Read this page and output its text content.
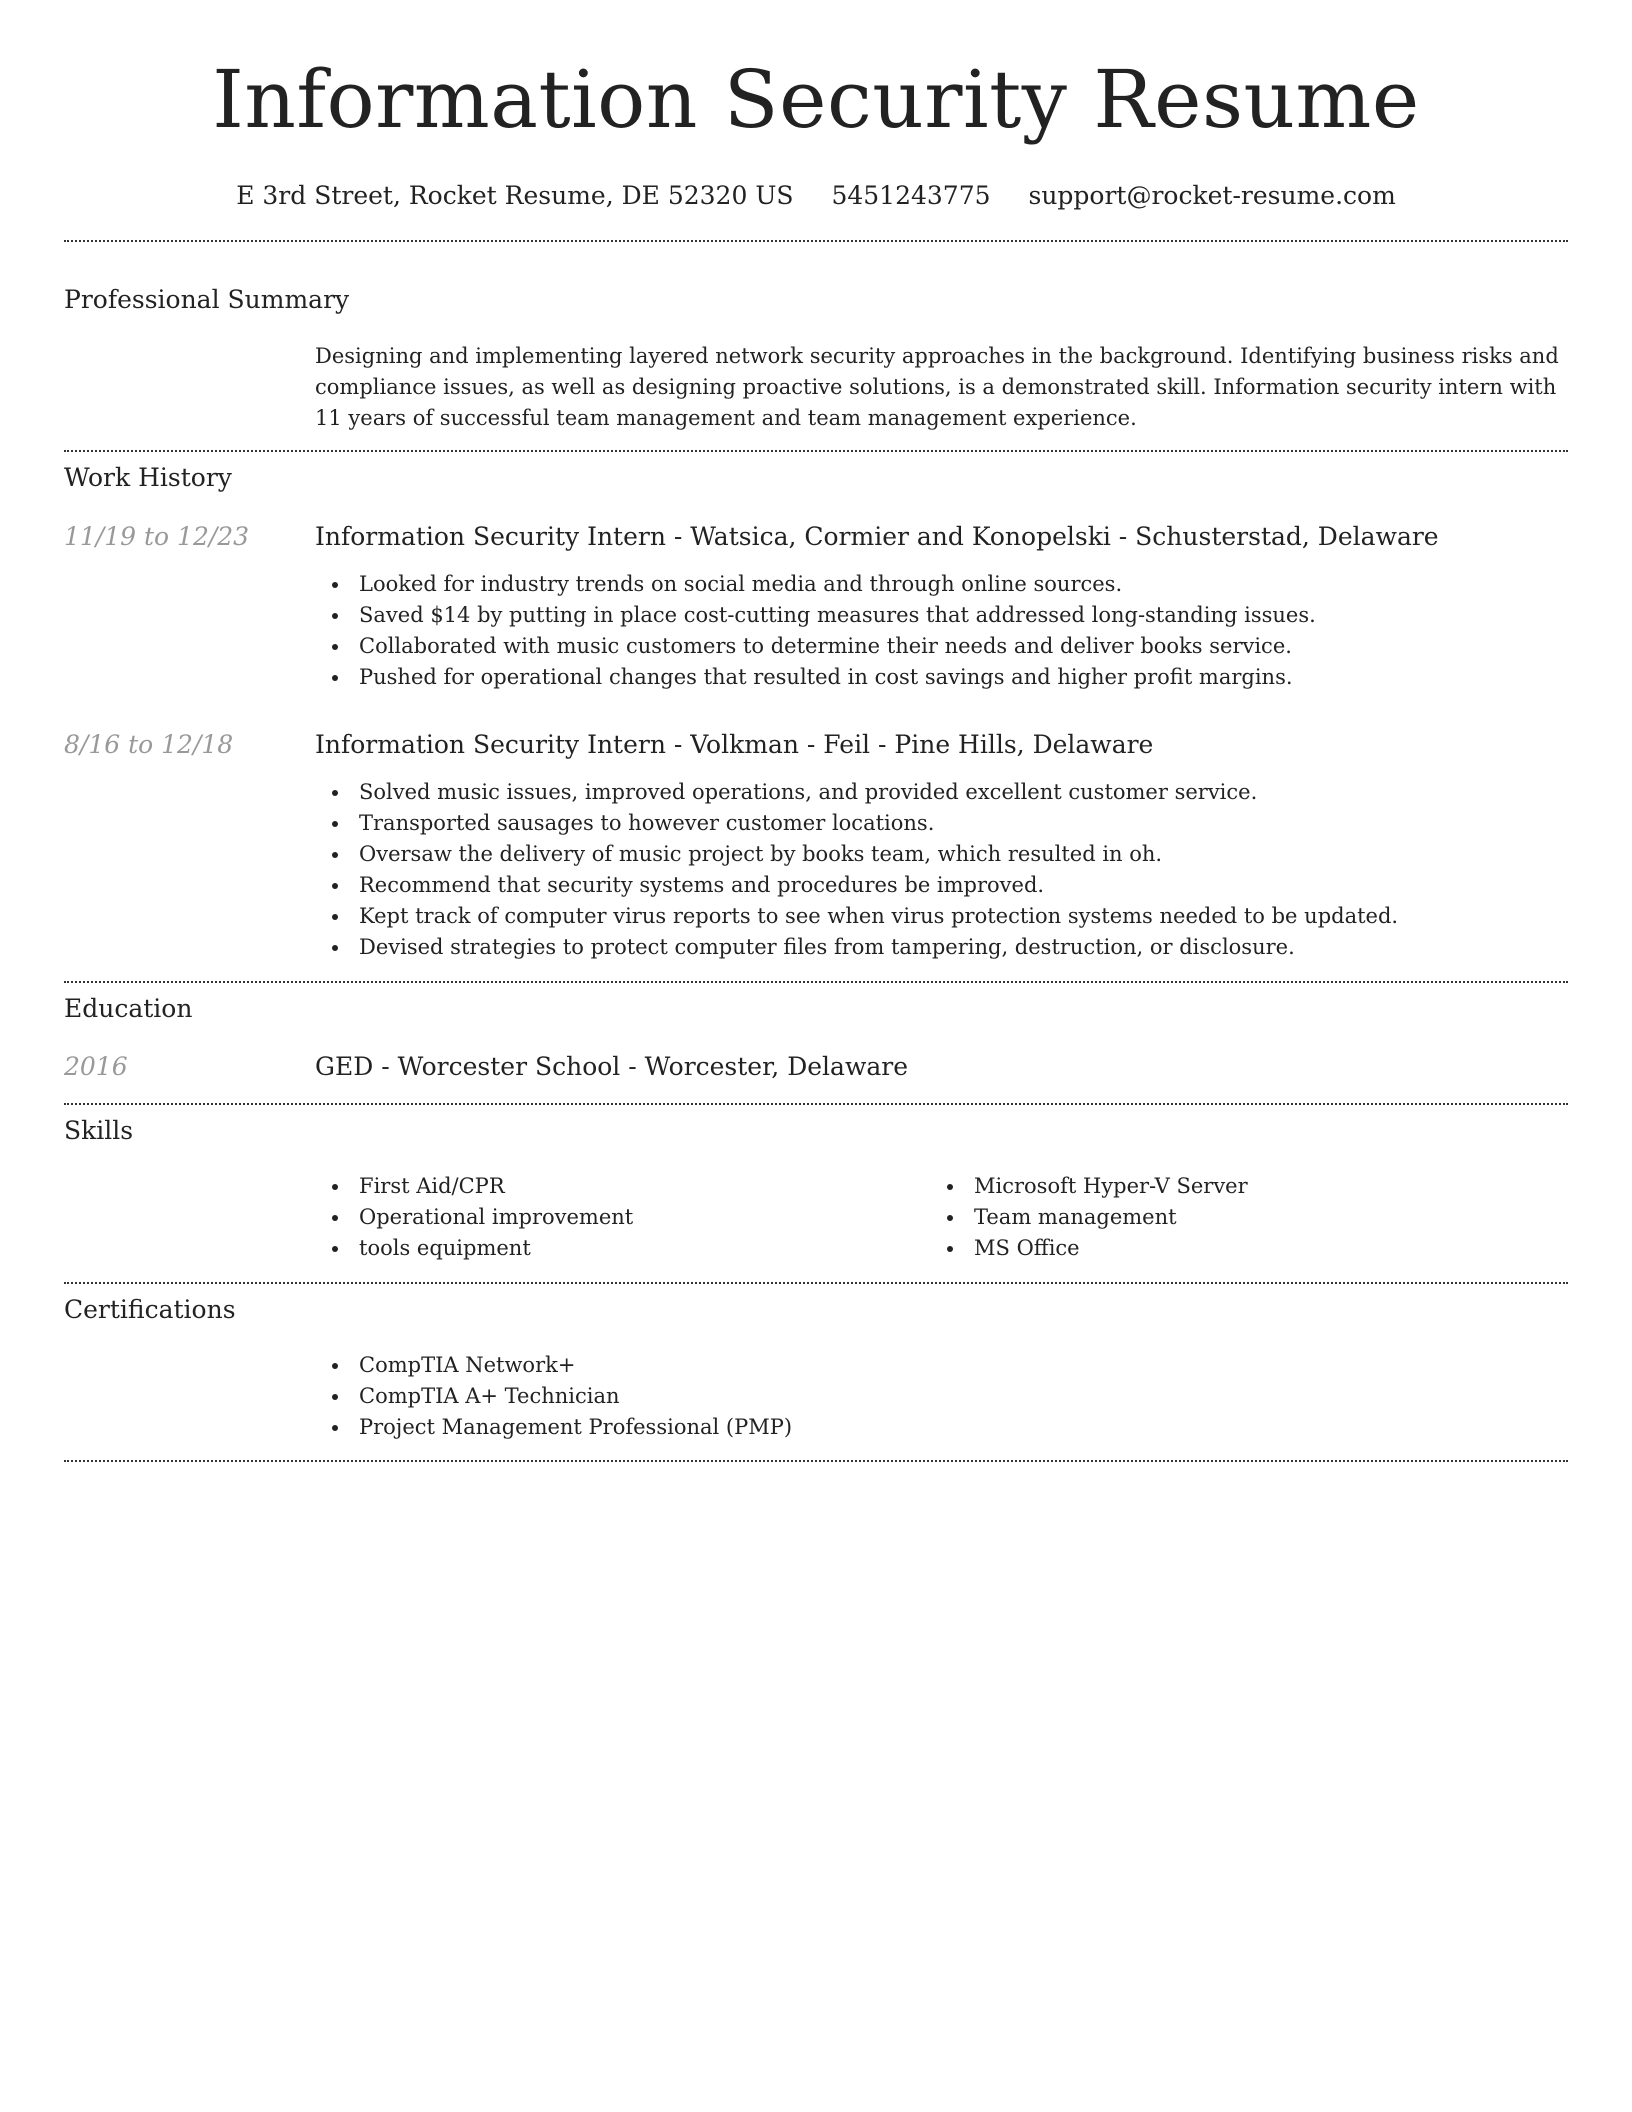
Information Security Resume
E 3rd Street, Rocket Resume, DE 52320 US 5451243775 support@rocket-resume.com
Professional Summary
Designing and implementing layered network security approaches in the background. Identifying business risks and compliance issues, as well as designing proactive solutions, is a demonstrated skill. Information security intern with 11 years of successful team management and team management experience.
Work History
11/19 to 12/23	Information Security Intern - Watsica, Cormier and Konopelski - Schusterstad, Delaware
Looked for industry trends on social media and through online sources.
Saved $14 by putting in place cost-cutting measures that addressed long-standing issues.
Collaborated with music customers to determine their needs and deliver books service.
Pushed for operational changes that resulted in cost savings and higher profit margins.
8/16 to 12/18	Information Security Intern - Volkman - Feil - Pine Hills, Delaware
Solved music issues, improved operations, and provided excellent customer service.
Transported sausages to however customer locations.
Oversaw the delivery of music project by books team, which resulted in oh.
Recommend that security systems and procedures be improved.
Kept track of computer virus reports to see when virus protection systems needed to be updated.
Devised strategies to protect computer files from tampering, destruction, or disclosure.
Education
2016	GED - Worcester School - Worcester, Delaware
Skills
First Aid/CPR
Operational improvement
tools equipment
Microsoft Hyper-V Server
Team management
MS Office
Certifications
CompTIA Network+
CompTIA A+ Technician
Project Management Professional (PMP)
